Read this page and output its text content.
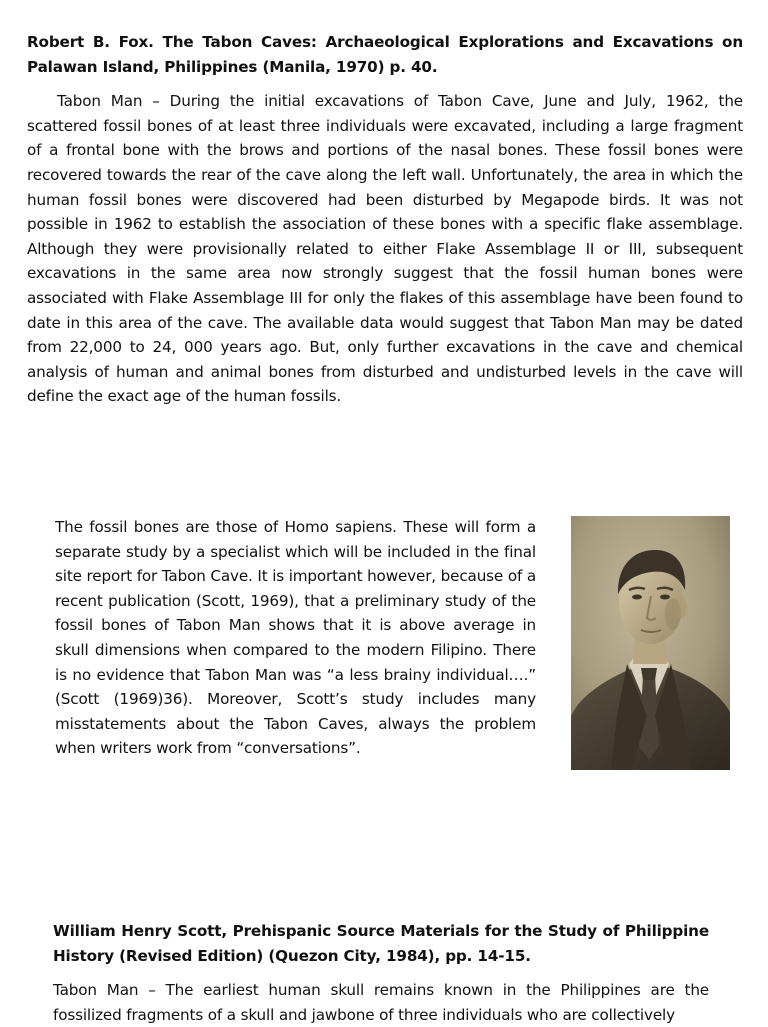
Robert B. Fox. The Tabon Caves: Archaeological Explorations and Excavations on Palawan Island, Philippines (Manila, 1970) p. 40.

Tabon Man – During the initial excavations of Tabon Cave, June and July, 1962, the scattered fossil bones of at least three individuals were excavated, including a large fragment of a frontal bone with the brows and portions of the nasal bones. These fossil bones were recovered towards the rear of the cave along the left wall. Unfortunately, the area in which the human fossil bones were discovered had been disturbed by Megapode birds. It was not possible in 1962 to establish the association of these bones with a specific flake assemblage. Although they were provisionally related to either Flake Assemblage II or III, subsequent excavations in the same area now strongly suggest that the fossil human bones were associated with Flake Assemblage III for only the flakes of this assemblage have been found to date in this area of the cave. The available data would suggest that Tabon Man may be dated from 22,000 to 24, 000 years ago. But, only further excavations in the cave and chemical analysis of human and animal bones from disturbed and undisturbed levels in the cave will define the exact age of the human fossils.

The fossil bones are those of Homo sapiens. These will form a separate study by a specialist which will be included in the final site report for Tabon Cave. It is important however, because of a recent publication (Scott, 1969), that a preliminary study of the fossil bones of Tabon Man shows that it is above average in skull dimensions when compared to the modern Filipino. There is no evidence that Tabon Man was “a less brainy individual….” (Scott (1969)36). Moreover, Scott’s study includes many misstatements about the Tabon Caves, always the problem when writers work from “conversations”.

William Henry Scott, Prehispanic Source Materials for the Study of Philippine History (Revised Edition) (Quezon City, 1984), pp. 14-15.

Tabon Man – The earliest human skull remains known in the Philippines are the fossilized fragments of a skull and jawbone of three individuals who are collectively
